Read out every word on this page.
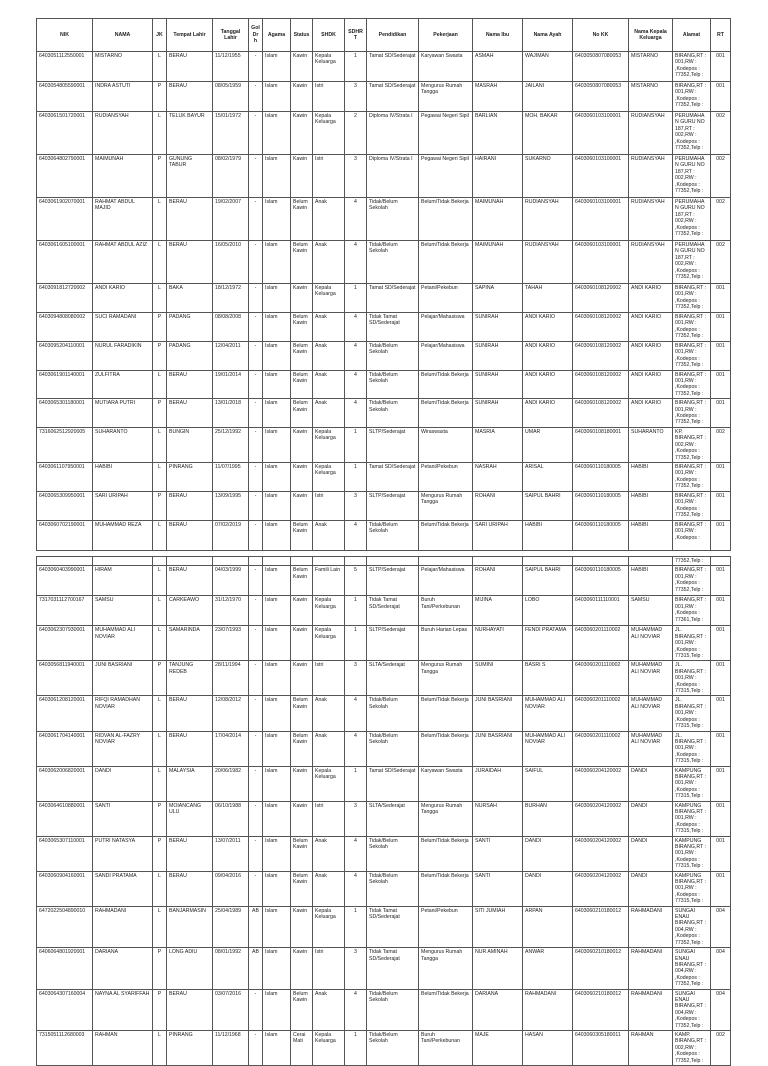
NIK	NAMA	JK	Tempat Lahir	Tanggal Lahir	Gol Dr h	Agama	Status	SHDK	SDHR T	Pendidikan	Pekerjaan	Nama Ibu	Nama Ayah	No KK	Nama Kepala Keluarga	Alamat	RT
6403051112550001	MISTARNO	L	BERAU	11/12/1955	-	Islam	Kawin	Kepala Keluarga	1	Tamat SD/Sederajat	Karyawan Swasta	ASMAH	WAJIMAN	6403050807080053	MISTARNO	BIRANG,RT : 001,RW : ,Kodepos : 77352,Telp :	001
6403054805590001	INDRA ASTUTI	P	BERAU	08/05/1959	-	Islam	Kawin	Istri	3	Tamat SD/Sederajat	Mengurus Rumah Tangga	MASRAH	JAILANI	6403050807080053	MISTARNO	BIRANG,RT : 001,RW : ,Kodepos : 77352,Telp :	001
6403061501720001	RUDIANSYAH	L	TELUK BAYUR	15/01/1972	-	Islam	Kawin	Kepala Keluarga	2	Diploma IV/Strata I	Pegawai Negeri Sipil	BARLIAN	MOH. BAKAR	6403060103100001	RUDIANSYAH	PERUMAHAN GURU NO 187,RT : 002,RW : ,Kodepos : 77352,Telp :	002
6403064802790001	MAIMUNAH	P	GUNUNG TABUR	08/02/1979	-	Islam	Kawin	Istri	3	Diploma IV/Strata I	Pegawai Negeri Sipil	HAIRANI	SUKARNO	6403060103100001	RUDIANSYAH	PERUMAHAN GURU NO 187,RT : 002,RW : ,Kodepos : 77352,Telp :	002
6403061902070001	RAHMAT ABDUL MAJID	L	BERAU	19/02/2007	-	Islam	Belum Kawin	Anak	4	Tidak/Belum Sekolah	Belum/Tidak Bekerja	MAIMUNAH	RUDIANSYAH	6403060103100001	RUDIANSYAH	PERUMAHAN GURU NO 187,RT : 002,RW : ,Kodepos : 77352,Telp :	002
6403061605100001	RAHMAT ABDUL AZIZ	L	BERAU	16/05/2010	-	Islam	Belum Kawin	Anak	4	Tidak/Belum Sekolah	Belum/Tidak Bekerja	MAIMUNAH	RUDIANSYAH	6403060103100001	RUDIANSYAH	PERUMAHAN GURU NO 187,RT : 002,RW : ,Kodepos : 77352,Telp :	002
6403091812720002	ANDI KARIO	L	BAKA	18/12/1972	-	Islam	Kawin	Kepala Keluarga	1	Tamat SD/Sederajat	Petani/Pekebun	SAPINA	TAHAH	6403060108120002	ANDI KARIO	BIRANG,RT : 001,RW : ,Kodepos : 77352,Telp :	001
6403094808080002	SUCI RAMADANI	P	PADANG	08/08/2008	-	Islam	Belum Kawin	Anak	4	Tidak Tamat SD/Sederajat	Pelajar/Mahasiswa	SUNIRAH	ANDI KARIO	6403060108120002	ANDI KARIO	BIRANG,RT : 001,RW : ,Kodepos : 77352,Telp :	001
6403095204110001	NURUL FARADIKIN	P	PADANG	12/04/2011	-	Islam	Belum Kawin	Anak	4	Tidak/Belum Sekolah	Pelajar/Mahasiswa	SUNIRAH	ANDI KARIO	6403060108120002	ANDI KARIO	BIRANG,RT : 001,RW : ,Kodepos : 77352,Telp :	001
6403061901140001	ZULFITRA	L	BERAU	19/01/2014	-	Islam	Belum Kawin	Anak	4	Tidak/Belum Sekolah	Belum/Tidak Bekerja	SUNIRAH	ANDI KARIO	6403060108120002	ANDI KARIO	BIRANG,RT : 001,RW : ,Kodepos : 77352,Telp :	001
6403065301180001	MUTIARA PUTRI	P	BERAU	13/01/2018	-	Islam	Belum Kawin	Anak	4	Tidak/Belum Sekolah	Belum/Tidak Bekerja	SUNIRAH	ANDI KARIO	6403060108120002	ANDI KARIO	BIRANG,RT : 001,RW : ,Kodepos : 77352,Telp :	001
7316062512920005	SUHARANTO	L	BUNGIN	25/12/1992	-	Islam	Kawin	Kepala Keluarga	1	SLTP/Sederajat	Wiraswasta	MASRIA	UMAR	6403060108180001	SUHARANTO	KP. BIRANG,RT : 002,RW : ,Kodepos : 77352,Telp :	002
6403061107950001	HABIBI	L	PINRANG	11/07/1995	-	Islam	Kawin	Kepala Keluarga	1	Tamat SD/Sederajat	Petani/Pekebun	NASRAH	ARISAL	6403060110180005	HABIBI	BIRANG,RT : 001,RW : ,Kodepos : 77352,Telp :	001
6403065309950001	SARI URIPAH	P	BERAU	13/09/1995	-	Islam	Kawin	Istri	3	SLTP/Sederajat	Mengurus Rumah Tangga	ROHANI	SAIPUL BAHRI	6403060110180005	HABIBI	BIRANG,RT : 001,RW : ,Kodepos : 77352,Telp :	001
6403060702190001	MUHAMMAD REZA	L	BERAU	07/02/2019	-	Islam	Belum Kawin	Anak	4	Tidak/Belum Sekolah	Belum/Tidak Bekerja	SARI URIPAH	HABIBI	6403060110180005	HABIBI	BIRANG,RT : 001,RW : ,Kodepos :	001
																77352,Telp :	
6403060403990001	HIRAM	L	BERAU	04/03/1999	-	Islam	Belum Kawin	Famili Lain	5	SLTP/Sederajat	Pelajar/Mahasiswa	ROHANI	SAIPUL BAHRI	6403060110180005	HABIBI	BIRANG,RT : 001,RW : ,Kodepos : 77352,Telp :	001
7317031112700167	SAMSU	L	CARKEAWO	31/12/1970	-	Islam	Kawin	Kepala Keluarga	1	Tidak Tamat SD/Sederajat	Buruh Tani/Perkebunan	MIJINA	LOBO	6403060111110001	SAMSU	BIRANG,RT : 001,RW : ,Kodepos : 77361,Telp :	001
6403062307930001	MUHAMMAD ALI NOVIAR	L	SAMARINDA	23/07/1993	-	Islam	Kawin	Kepala Keluarga	1	SLTP/Sederajat	Buruh Harian Lepas	NURHAYATI	FENDI PRATAMA	6403060201110002	MUHAMMAD ALI NOVIAR	JL. BIRANG,RT : 001,RW : ,Kodepos : 77315,Telp :	001
6403056811940001	JUNI BASRIANI	P	TANJUNG REDEB	28/11/1994	-	Islam	Kawin	Istri	3	SLTA/Sederajat	Mengurus Rumah Tangga	SUMINI	BASRI S	6403060201110002	MUHAMMAD ALI NOVIAR	JL. BIRANG,RT : 001,RW : ,Kodepos : 77315,Telp :	001
6403061208120001	RIFQI RAMADHAN NOVIAR	L	BERAU	12/08/2012	-	Islam	Belum Kawin	Anak	4	Tidak/Belum Sekolah	Belum/Tidak Bekerja	JUNI BASRIANI	MUHAMMAD ALI NOVIAR	6403060201110002	MUHAMMAD ALI NOVIAR	JL. BIRANG,RT : 001,RW : ,Kodepos : 77315,Telp :	001
6403061704140001	RIDVAN AL-FAZRY NOVIAR	L	BERAU	17/04/2014	-	Islam	Belum Kawin	Anak	4	Tidak/Belum Sekolah	Belum/Tidak Bekerja	JUNI BASRIANI	MUHAMMAD ALI NOVIAR	6403060201110002	MUHAMMAD ALI NOVIAR	JL. BIRANG,RT : 001,RW : ,Kodepos : 77315,Telp :	001
6403062006820001	DANDI	L	MALAYSIA	20/06/1982	-	Islam	Kawin	Kepala Keluarga	1	Tamat SD/Sederajat	Karyawan Swasta	JURAIDAH	SAIFUL	6403060204120002	DANDI	KAMPUNG BIRANG,RT : 001,RW : ,Kodepos : 77315,Telp :	001
6403064610880001	SANTI	P	MOIANCANG ULU	06/10/1988	-	Islam	Kawin	Istri	3	SLTA/Sederajat	Mengurus Rumah Tangga	NURSAH	BURHAN	6403060204120002	DANDI	KAMPUNG BIRANG,RT : 001,RW : ,Kodepos : 77315,Telp :	001
6403065307110001	PUTRI NATASYA	P	BERAU	13/07/2011	-	Islam	Belum Kawin	Anak	4	Tidak/Belum Sekolah	Belum/Tidak Bekerja	SANTI	DANDI	6403060204120002	DANDI	KAMPUNG BIRANG,RT : 001,RW : ,Kodepos : 77315,Telp :	001
6403060904160001	SANDI PRATAMA	L	BERAU	09/04/2016	-	Islam	Belum Kawin	Anak	4	Tidak/Belum Sekolah	Belum/Tidak Bekerja	SANTI	DANDI	6403060204120002	DANDI	KAMPUNG BIRANG,RT : 001,RW : ,Kodepos : 77315,Telp :	001
6472022504890010	RAHMADANI	L	BANJARMASIN	25/04/1989	AB	Islam	Kawin	Kepala Keluarga	1	Tidak Tamat SD/Sederajat	Petani/Pekebun	SITI JUMIAH	ARPAN	6403060210180012	RAHMADANI	SUNGAI ENAU BIRANG,RT : 004,RW : ,Kodepos : 77352,Telp :	004
6406064801920001	DARIANA	P	LONG ADIU	08/01/1992	AB	Islam	Kawin	Istri	3	Tidak Tamat SD/Sederajat	Mengurus Rumah Tangga	NUR AMINAH	ANWAR	6403060210180012	RAHMADANI	SUNGAI ENAU BIRANG,RT : 004,RW : ,Kodepos : 77352,Telp :	004
6403064307160004	NAYNA AL SYARIFFAH	P	BERAU	03/07/2016	-	Islam	Belum Kawin	Anak	4	Tidak/Belum Sekolah	Belum/Tidak Bekerja	DARIANA	RAHMADANI	6403060210180012	RAHMADANI	SUNGAI ENAU BIRANG,RT : 004,RW : ,Kodepos : 77352,Telp :	004
7315051112680003	RAHMAN	L	PINRANG	11/12/1968	-	Islam	Cerai Mati	Kepala Keluarga	1	Tidak/Belum Sekolah	Buruh Tani/Perkebunan	MAJE	HASAN	6403060305180011	RAHMAN	KAMP. BIRANG,RT : 002,RW : ,Kodepos : 77352,Telp :	002
